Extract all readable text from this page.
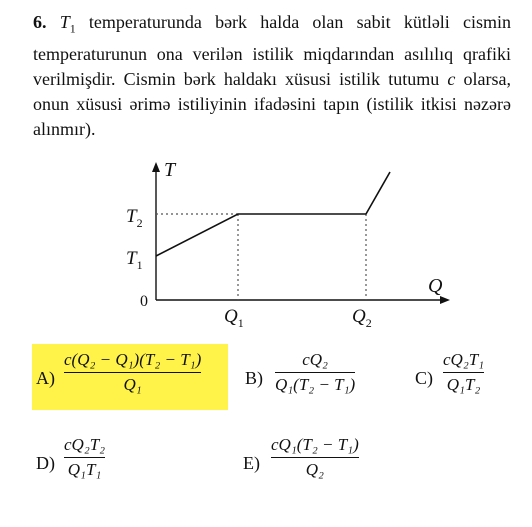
6. $T_1$ temperaturunda bərk halda olan sabit kütləli cismin temperaturunun ona verilən istilik miqdarından asılılıq qrafiki verilmişdir. Cismin bərk haldakı xüsusi istilik tutumu c olarsa, onun xüsusi ərimə istiliyinin ifadəsini tapın (istilik itkisi nəzərə alınmır).
T
Q
0
$T_2$
$T_1$
$Q_1$	$Q_2$
A)
c(Q₂ − Q₁)(T₂ − T₁)
Q₁	B)
cQ₂
Q₁(T₂ − T₁)	C)
cQ₂T₁
Q₁T₂
D)
cQ₂T₂
Q₁T₁	E)
cQ₁(T₂ − T₁)
Q₂
